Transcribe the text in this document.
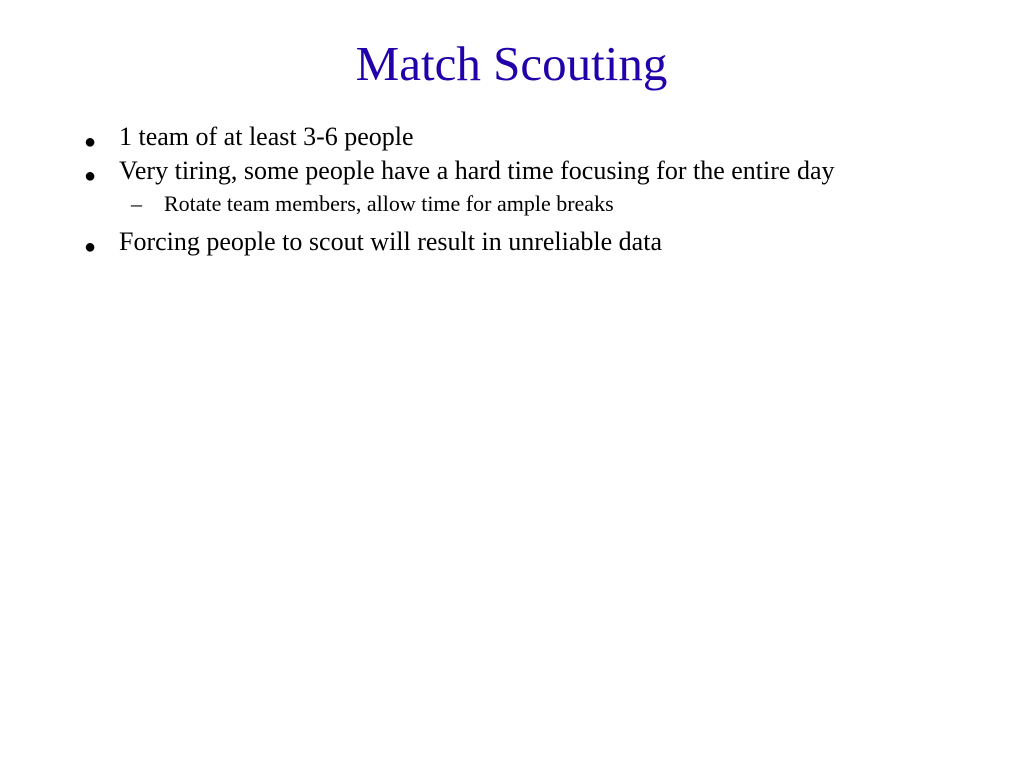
Match Scouting
● 1 team of at least 3-6 people
● Very tiring, some people have a hard time focusing for the entire day
– Rotate team members, allow time for ample breaks
● Forcing people to scout will result in unreliable data
